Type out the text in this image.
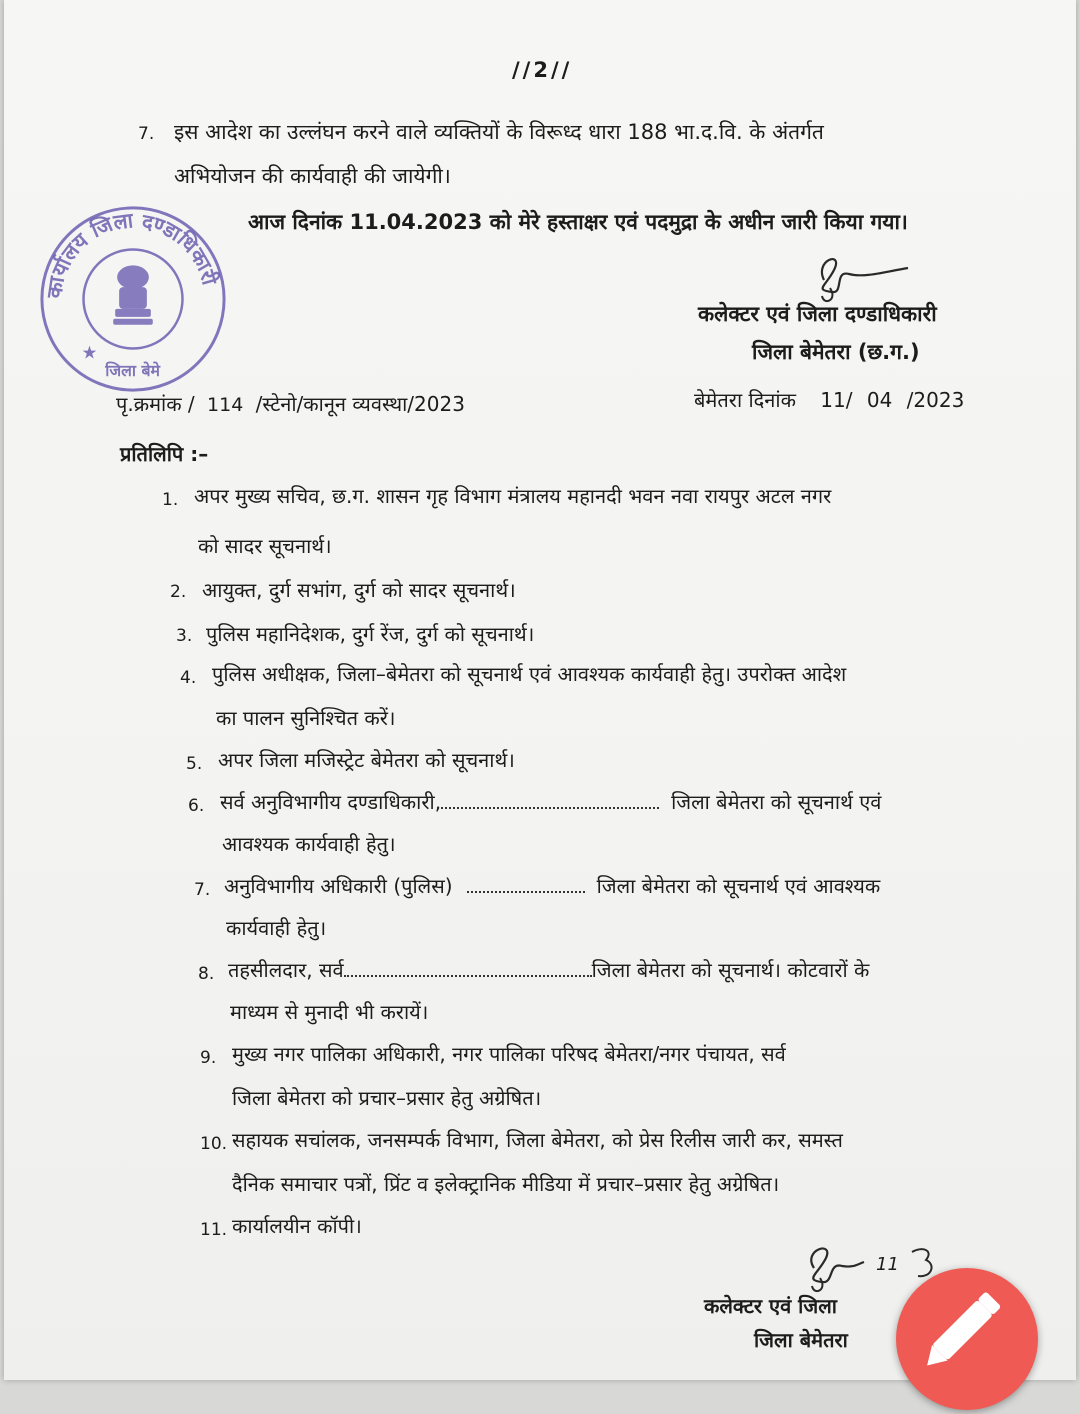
//2//
7. इस आदेश का उल्लंघन करने वाले व्यक्तियों के विरूध्द धारा 188 भा.द.वि. के अंतर्गत
अभियोजन की कार्यवाही की जायेगी।
आज दिनांक 11.04.2023 को मेरे हस्ताक्षर एवं पदमुद्रा के अधीन जारी किया गया।
कार्यालय जिला दण्डाधिकारी
जिला बेमे
★
कलेक्टर एवं जिला दण्डाधिकारी
जिला बेमेतरा (छ.ग.)
पृ.क्रमांक / 114 /स्टेनो/कानून व्यवस्था/2023	बेमेतरा दिनांक 11/ 04 /2023
प्रतिलिपि :–
1. अपर मुख्य सचिव, छ.ग. शासन गृह विभाग मंत्रालय महानदी भवन नवा रायपुर अटल नगर
को सादर सूचनार्थ।
2. आयुक्त, दुर्ग सभांग, दुर्ग को सादर सूचनार्थ।
3. पुलिस महानिदेशक, दुर्ग रेंज, दुर्ग को सूचनार्थ।
4. पुलिस अधीक्षक, जिला–बेमेतरा को सूचनार्थ एवं आवश्यक कार्यवाही हेतु। उपरोक्त आदेश
का पालन सुनिश्चित करें।
5. अपर जिला मजिस्ट्रेट बेमेतरा को सूचनार्थ।
6. सर्व अनुविभागीय दण्डाधिकारी,	जिला बेमेतरा को सूचनार्थ एवं
आवश्यक कार्यवाही हेतु।
7. अनुविभागीय अधिकारी (पुलिस)	जिला बेमेतरा को सूचनार्थ एवं आवश्यक
कार्यवाही हेतु।
8. तहसीलदार, सर्व	जिला बेमेतरा को सूचनार्थ। कोटवारों के
माध्यम से मुनादी भी करायें।
9. मुख्य नगर पालिका अधिकारी, नगर पालिका परिषद बेमेतरा/नगर पंचायत, सर्व
जिला बेमेतरा को प्रचार–प्रसार हेतु अग्रेषित।
10. सहायक सचांलक, जनसम्पर्क विभाग, जिला बेमेतरा, को प्रेस रिलीस जारी कर, समस्त
दैनिक समाचार पत्रों, प्रिंट व इलेक्ट्रानिक मीडिया में प्रचार–प्रसार हेतु अग्रेषित।
11. कार्यालयीन कॉपी।
11
कलेक्टर एवं जिला
जिला बेमेतरा
